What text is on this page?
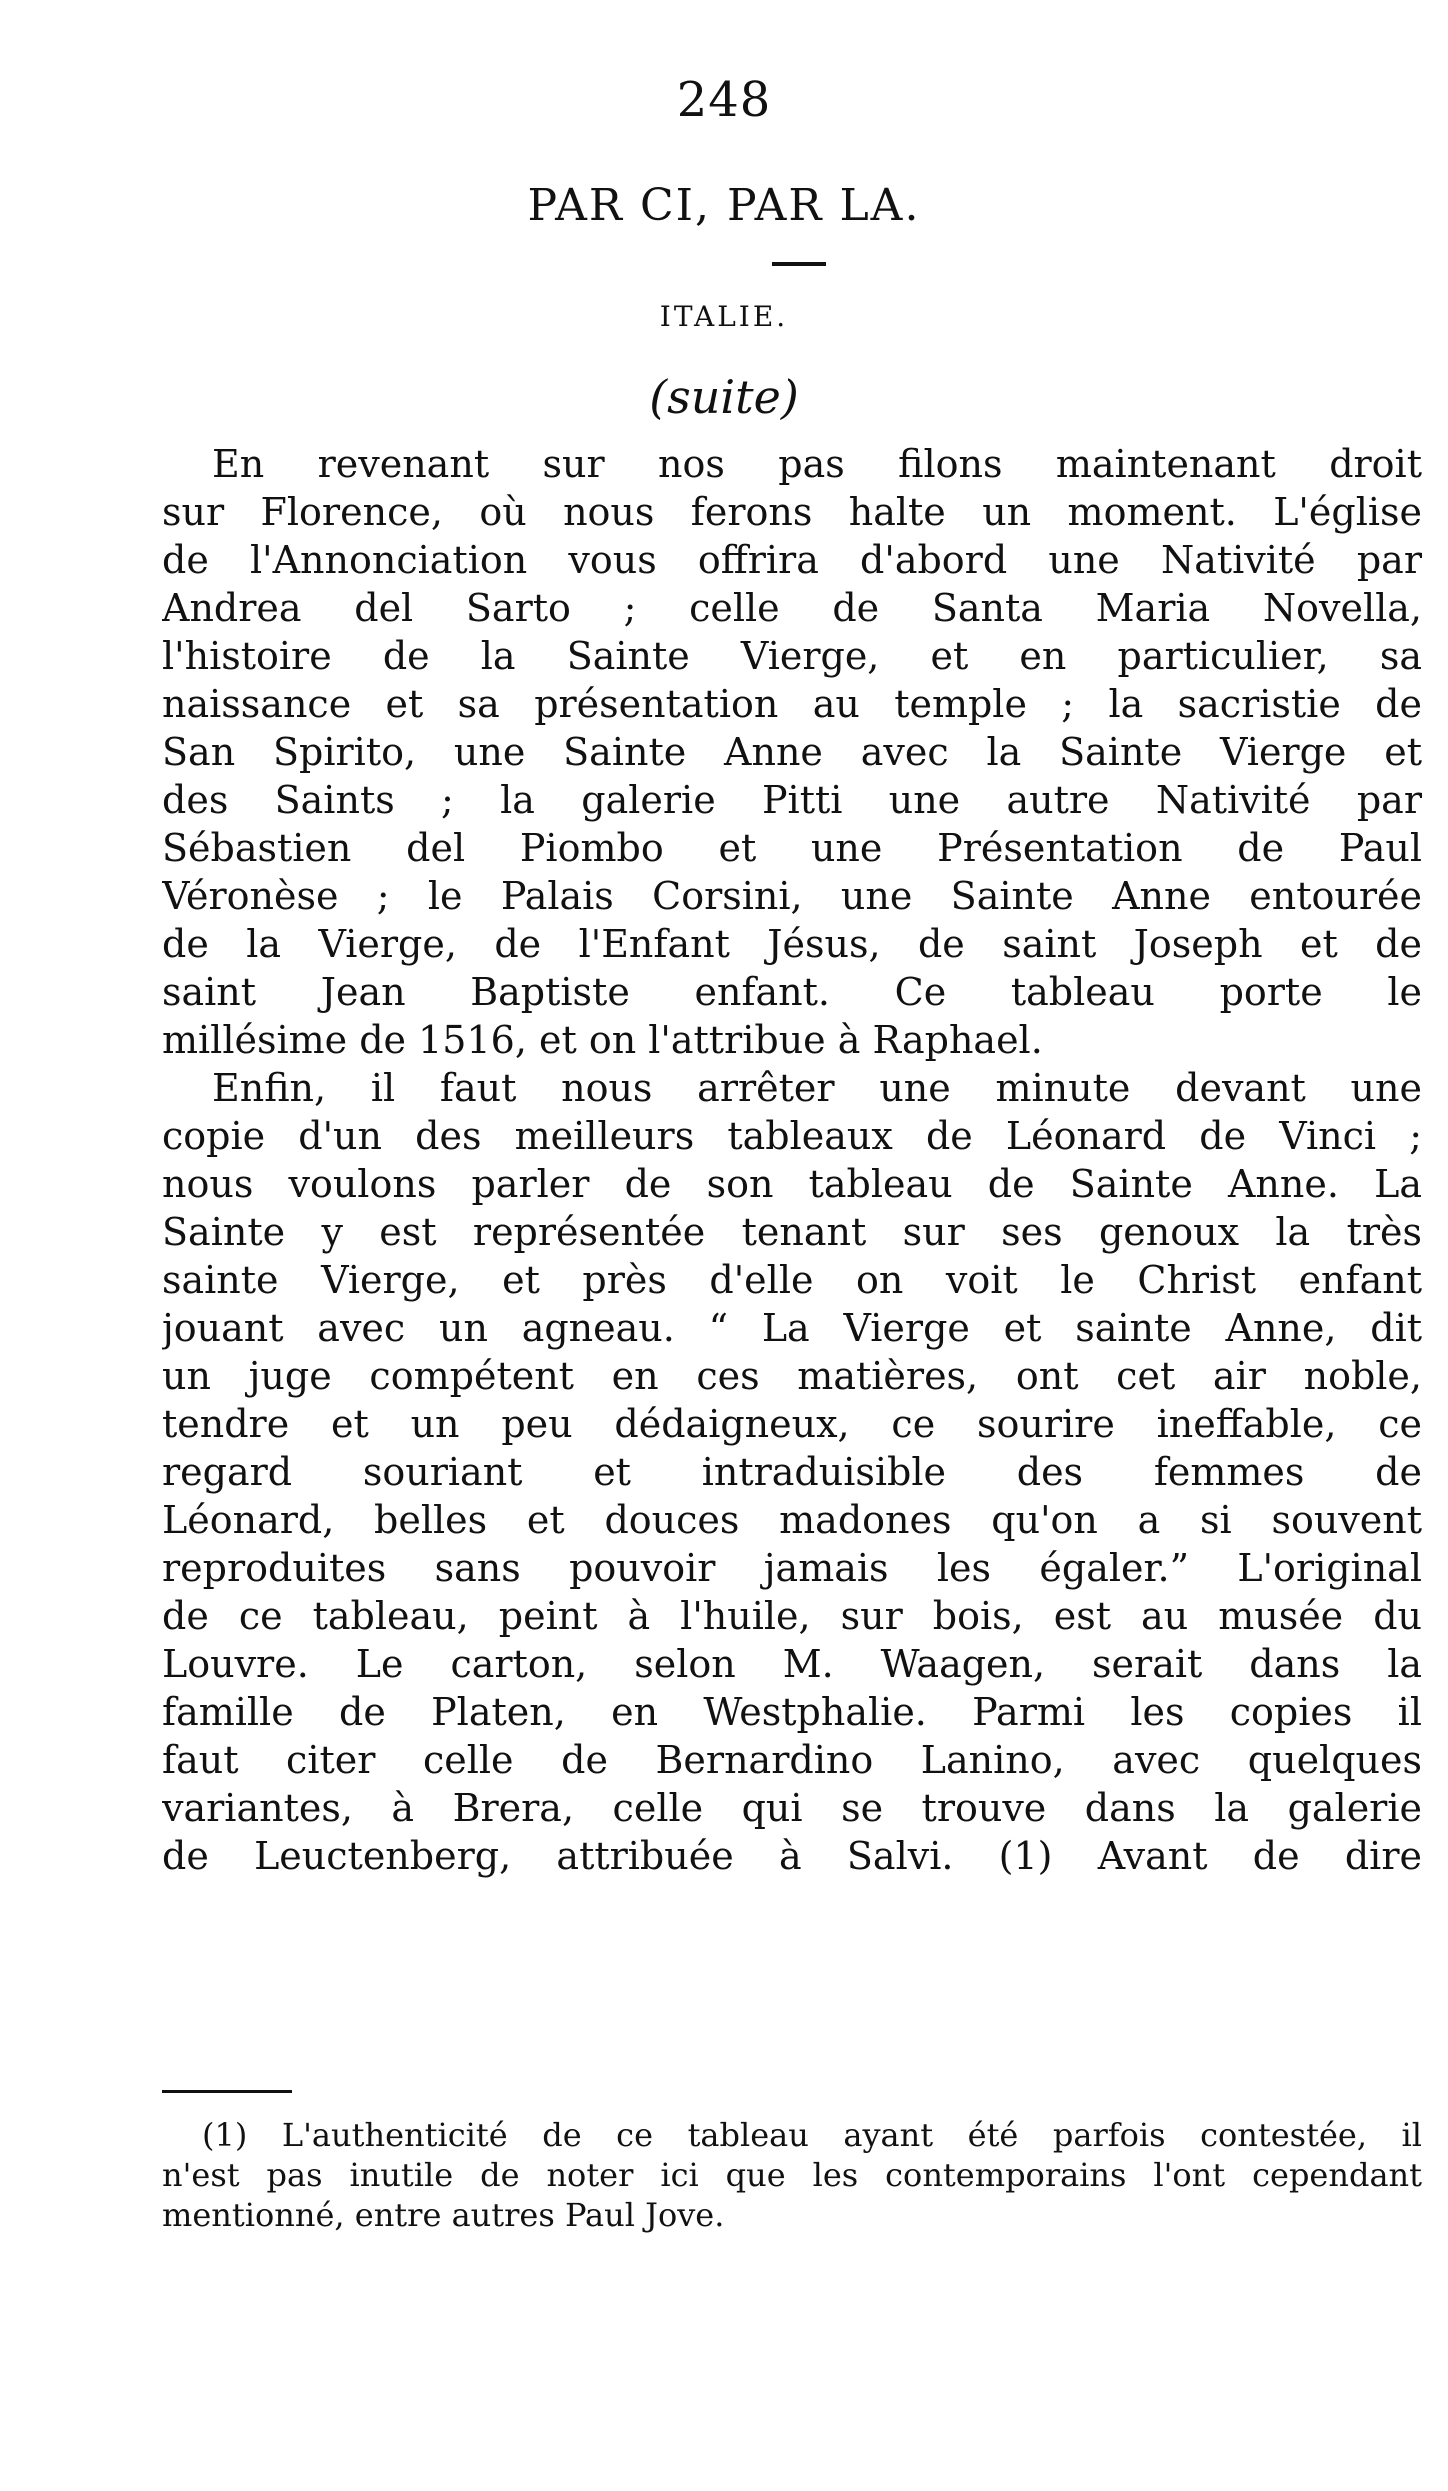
248
PAR CI, PAR LA.
ITALIE.
(suite)
En revenant sur nos pas filons maintenant droit
sur Florence, où nous ferons halte un moment. L'église
de l'Annonciation vous offrira d'abord une Nativité par
Andrea del Sarto ; celle de Santa Maria Novella,
l'histoire de la Sainte Vierge, et en particulier, sa
naissance et sa présentation au temple ; la sacristie de
San Spirito, une Sainte Anne avec la Sainte Vierge et
des Saints ; la galerie Pitti une autre Nativité par
Sébastien del Piombo et une Présentation de Paul
Véronèse ; le Palais Corsini, une Sainte Anne entourée
de la Vierge, de l'Enfant Jésus, de saint Joseph et de
saint Jean Baptiste enfant. Ce tableau porte le
millésime de 1516, et on l'attribue à Raphael.
Enfin, il faut nous arrêter une minute devant une
copie d'un des meilleurs tableaux de Léonard de Vinci ;
nous voulons parler de son tableau de Sainte Anne. La
Sainte y est représentée tenant sur ses genoux la très
sainte Vierge, et près d'elle on voit le Christ enfant
jouant avec un agneau. “ La Vierge et sainte Anne, dit
un juge compétent en ces matières, ont cet air noble,
tendre et un peu dédaigneux, ce sourire ineffable, ce
regard souriant et intraduisible des femmes de
Léonard, belles et douces madones qu'on a si souvent
reproduites sans pouvoir jamais les égaler.” L'original
de ce tableau, peint à l'huile, sur bois, est au musée du
Louvre. Le carton, selon M. Waagen, serait dans la
famille de Platen, en Westphalie. Parmi les copies il
faut citer celle de Bernardino Lanino, avec quelques
variantes, à Brera, celle qui se trouve dans la galerie
de Leuctenberg, attribuée à Salvi. (1) Avant de dire
(1) L'authenticité de ce tableau ayant été parfois contestée, il
n'est pas inutile de noter ici que les contemporains l'ont cependant
mentionné, entre autres Paul Jove.
